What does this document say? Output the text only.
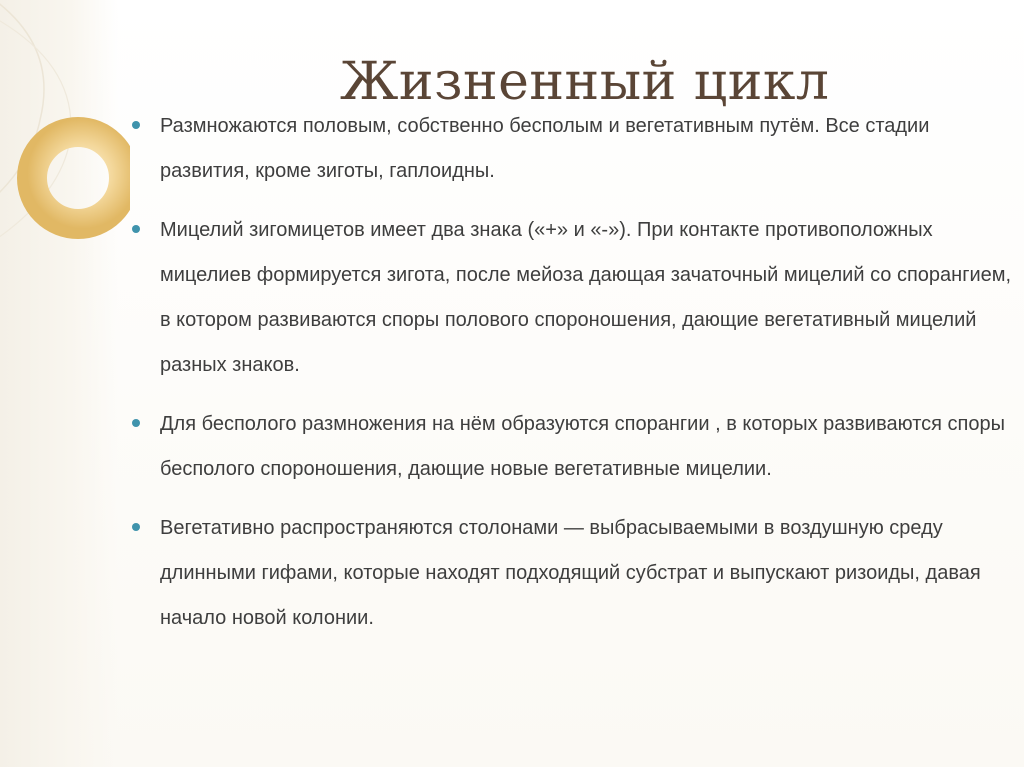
Жизненный цикл
Размножаются половым, собственно бесполым и вегетативным путём. Все стадии развития, кроме зиготы, гаплоидны.
Мицелий зигомицетов имеет два знака («+» и «-»). При контакте противоположных мицелиев формируется зигота, после мейоза дающая зачаточный мицелий со спорангием, в котором развиваются споры полового спороношения, дающие вегетативный мицелий разных знаков.
Для бесполого размножения на нём образуются спорангии , в которых развиваются споры бесполого спороношения, дающие новые вегетативные мицелии.
Вегетативно распространяются столонами — выбрасываемыми в воздушную среду длинными гифами, которые находят подходящий субстрат и выпускают ризоиды, давая начало новой колонии.
